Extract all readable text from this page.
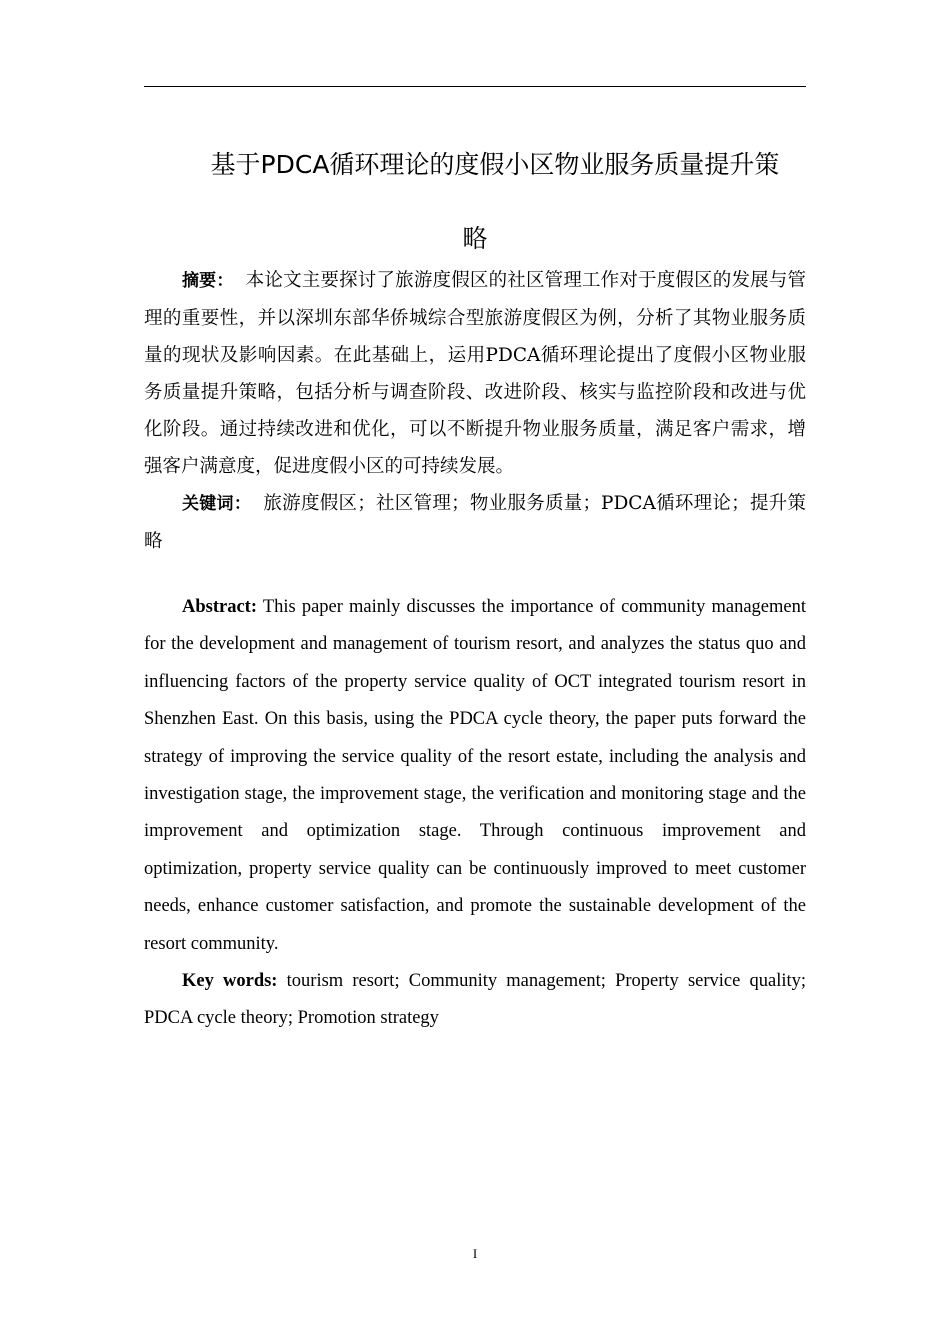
基于PDCA循环理论的度假小区物业服务质量提升策
略

摘要： 本论文主要探讨了旅游度假区的社区管理工作对于度假区的发展与管理的重要性，并以深圳东部华侨城综合型旅游度假区为例，分析了其物业服务质量的现状及影响因素。在此基础上，运用PDCA循环理论提出了度假小区物业服务质量提升策略，包括分析与调查阶段、改进阶段、核实与监控阶段和改进与优化阶段。通过持续改进和优化，可以不断提升物业服务质量，满足客户需求，增强客户满意度，促进度假小区的可持续发展。

关键词： 旅游度假区；社区管理；物业服务质量；PDCA循环理论；提升策略

Abstract: This paper mainly discusses the importance of community management for the development and management of tourism resort, and analyzes the status quo and influencing factors of the property service quality of OCT integrated tourism resort in Shenzhen East. On this basis, using the PDCA cycle theory, the paper puts forward the strategy of improving the service quality of the resort estate, including the analysis and investigation stage, the improvement stage, the verification and monitoring stage and the improvement and optimization stage. Through continuous improvement and optimization, property service quality can be continuously improved to meet customer needs, enhance customer satisfaction, and promote the sustainable development of the resort community.

Key words: tourism resort; Community management; Property service quality; PDCA cycle theory; Promotion strategy

I
